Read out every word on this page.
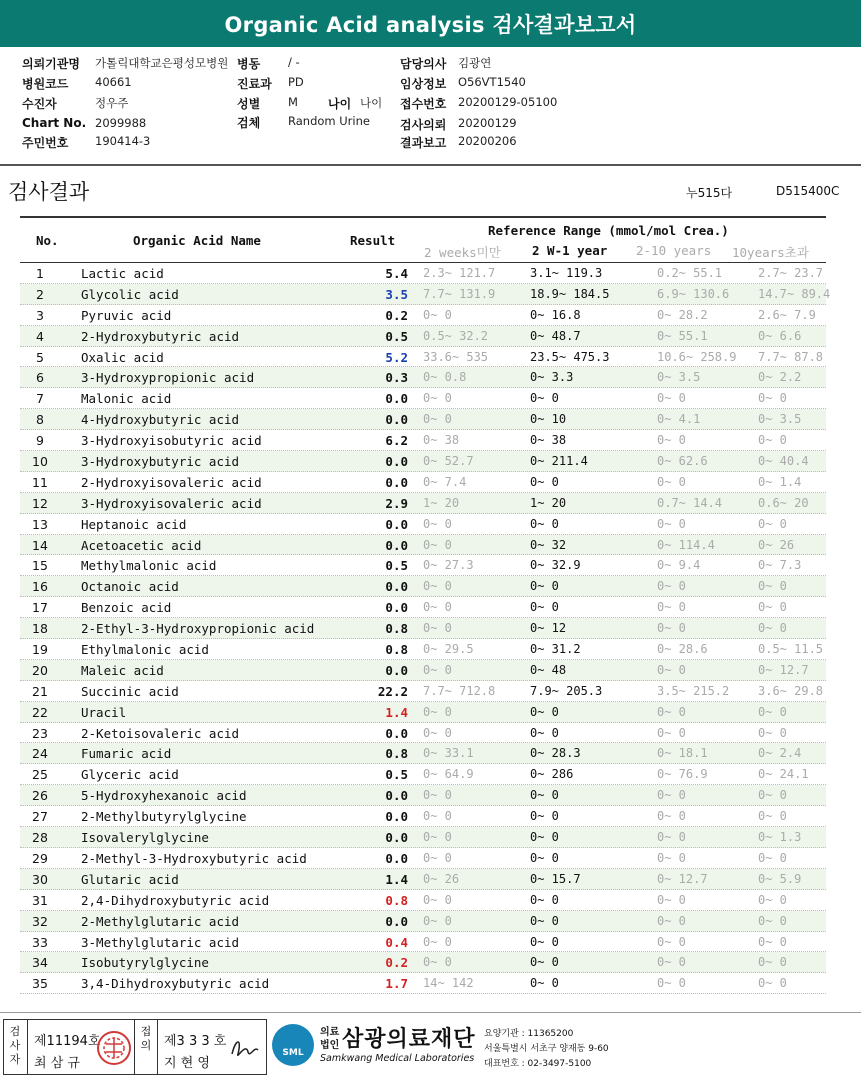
Organic Acid analysis 검사결과보고서
의뢰기관명 가톨릭대학교은평성모병원 병동 / -	담당의사 김광연
병원코드 40661	진료과 PD	임상정보 O56VT1540
수진자	정우주	성별 M	나이 나이 접수번호 20200129-05100
Chart No. 2099988	검체 Random Urine	검사의뢰 20200129
주민번호 190414-3	결과보고 20200206
검사결과	누515다	D515400C
No.	Organic Acid Name	Result
Reference Range (mmol/mol Crea.)
2 weeks미만 2 W-1 year 2-10 years 10years초과
1	Lactic acid	5.4 2.3~ 121.7	3.1~ 119.3	0.2~ 55.1	2.7~ 23.7
2	Glycolic acid	3.5 7.7~ 131.9	18.9~ 184.5	6.9~ 130.6 14.7~ 89.4
3	Pyruvic acid	0.2 0~ 0	0~ 16.8	0~ 28.2	2.6~ 7.9
4	2-Hydroxybutyric acid	0.5 0.5~ 32.2	0~ 48.7	0~ 55.1	0~ 6.6
5	Oxalic acid	5.2 33.6~ 535	23.5~ 475.3	10.6~ 258.9 7.7~ 87.8
6	3-Hydroxypropionic acid	0.3 0~ 0.8	0~ 3.3	0~ 3.5	0~ 2.2
7	Malonic acid	0.0 0~ 0	0~ 0	0~ 0	0~ 0
8	4-Hydroxybutyric acid	0.0 0~ 0	0~ 10	0~ 4.1	0~ 3.5
9	3-Hydroxyisobutyric acid	6.2 0~ 38	0~ 38	0~ 0	0~ 0
10	3-Hydroxybutyric acid	0.0 0~ 52.7	0~ 211.4	0~ 62.6	0~ 40.4
11	2-Hydroxyisovaleric acid	0.0 0~ 7.4	0~ 0	0~ 0	0~ 1.4
12	3-Hydroxyisovaleric acid	2.9 1~ 20	1~ 20	0.7~ 14.4	0.6~ 20
13	Heptanoic acid	0.0 0~ 0	0~ 0	0~ 0	0~ 0
14	Acetoacetic acid	0.0 0~ 0	0~ 32	0~ 114.4	0~ 26
15	Methylmalonic acid	0.5 0~ 27.3	0~ 32.9	0~ 9.4	0~ 7.3
16	Octanoic acid	0.0 0~ 0	0~ 0	0~ 0	0~ 0
17	Benzoic acid	0.0 0~ 0	0~ 0	0~ 0	0~ 0
18	2-Ethyl-3-Hydroxypropionic acid	0.8 0~ 0	0~ 12	0~ 0	0~ 0
19	Ethylmalonic acid	0.8 0~ 29.5	0~ 31.2	0~ 28.6	0.5~ 11.5
20	Maleic acid	0.0 0~ 0	0~ 48	0~ 0	0~ 12.7
21	Succinic acid	22.2 7.7~ 712.8	7.9~ 205.3	3.5~ 215.2 3.6~ 29.8
22	Uracil	1.4 0~ 0	0~ 0	0~ 0	0~ 0
23	2-Ketoisovaleric acid	0.0 0~ 0	0~ 0	0~ 0	0~ 0
24	Fumaric acid	0.8 0~ 33.1	0~ 28.3	0~ 18.1	0~ 2.4
25	Glyceric acid	0.5 0~ 64.9	0~ 286	0~ 76.9	0~ 24.1
26	5-Hydroxyhexanoic acid	0.0 0~ 0	0~ 0	0~ 0	0~ 0
27	2-Methylbutyrylglycine	0.0 0~ 0	0~ 0	0~ 0	0~ 0
28	Isovalerylglycine	0.0 0~ 0	0~ 0	0~ 0	0~ 1.3
29	2-Methyl-3-Hydroxybutyric acid	0.0 0~ 0	0~ 0	0~ 0	0~ 0
30	Glutaric acid	1.4 0~ 26	0~ 15.7	0~ 12.7	0~ 5.9
31	2,4-Dihydroxybutyric acid	0.8 0~ 0	0~ 0	0~ 0	0~ 0
32	2-Methylglutaric acid	0.0 0~ 0	0~ 0	0~ 0	0~ 0
33	3-Methylglutaric acid	0.4 0~ 0	0~ 0	0~ 0	0~ 0
34	Isobutyrylglycine	0.2 0~ 0	0~ 0	0~ 0	0~ 0
35	3,4-Dihydroxybutyric acid	1.7 14~ 142	0~ 0	0~ 0	0~ 0
검사자
제11194호
최 삼 규
접의 제3 3 3 호
지 현 영
SML
의료
법인 삼광의료재단
Samkwang Medical Laboratories
요양기관 : 11365200
서울특별시 서초구 양재동 9-60
대표번호 : 02-3497-5100
